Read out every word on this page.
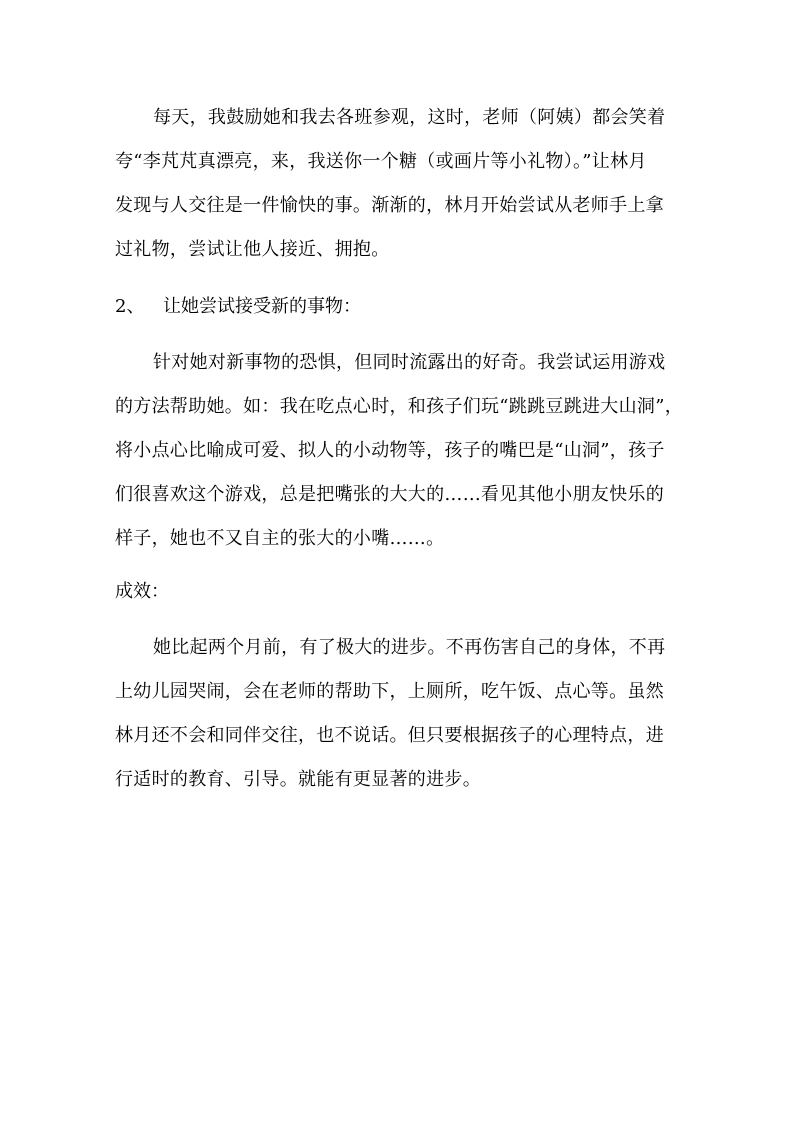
每天，我鼓励她和我去各班参观，这时，老师（阿姨）都会笑着
夸“李芃芃真漂亮，来，我送你一个糖（或画片等小礼物）。”让林月
发现与人交往是一件愉快的事。渐渐的，林月开始尝试从老师手上拿
过礼物，尝试让他人接近、拥抱。
2、 让她尝试接受新的事物：
针对她对新事物的恐惧，但同时流露出的好奇。我尝试运用游戏
的方法帮助她。如：我在吃点心时，和孩子们玩“跳跳豆跳进大山洞”，
将小点心比喻成可爱、拟人的小动物等，孩子的嘴巴是“山洞”，孩子
们很喜欢这个游戏，总是把嘴张的大大的……看见其他小朋友快乐的
样子，她也不又自主的张大的小嘴……。
成效：
她比起两个月前，有了极大的进步。不再伤害自己的身体，不再
上幼儿园哭闹，会在老师的帮助下，上厕所，吃午饭、点心等。虽然
林月还不会和同伴交往，也不说话。但只要根据孩子的心理特点，进
行适时的教育、引导。就能有更显著的进步。
